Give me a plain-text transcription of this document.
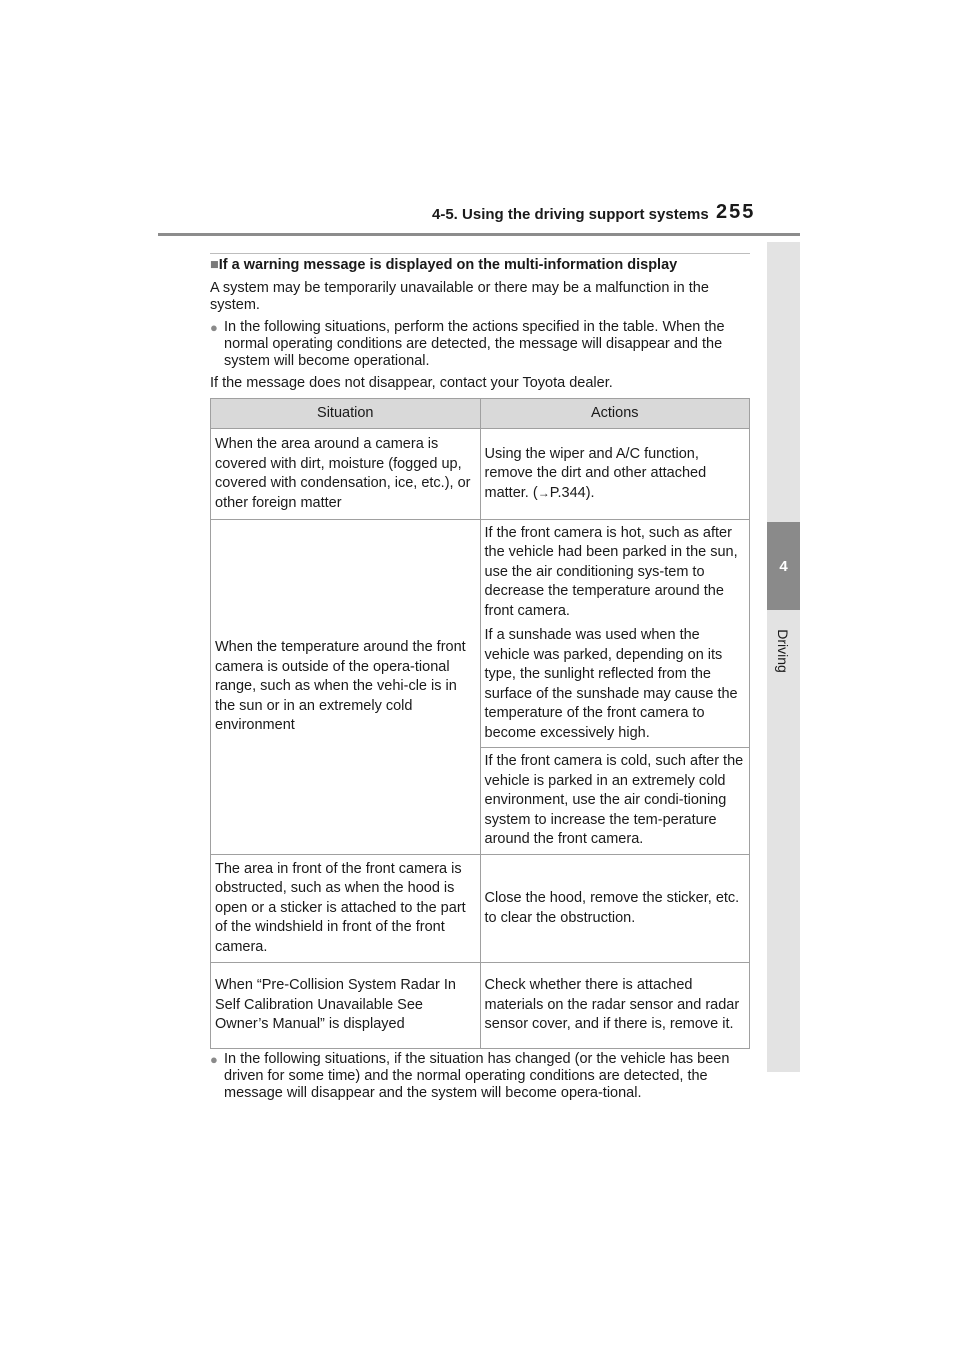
4-5. Using the driving support systems 255
4
Driving
■If a warning message is displayed on the multi-information display
A system may be temporarily unavailable or there may be a malfunction in the system.
● In the following situations, perform the actions specified in the table. When the normal operating conditions are detected, the message will disappear and the system will become operational.
If the message does not disappear, contact your Toyota dealer.
Situation	Actions
When the area around a camera is covered with dirt, moisture (fogged up, covered with condensation, ice, etc.), or other foreign matter	Using the wiper and A/C function, remove the dirt and other attached matter. (→P.344).
When the temperature around the front camera is outside of the opera-tional range, such as when the vehi-cle is in the sun or in an extremely cold environment	If the front camera is hot, such as after the vehicle had been parked in the sun, use the air conditioning sys-tem to decrease the temperature around the front camera.
If a sunshade was used when the vehicle was parked, depending on its type, the sunlight reflected from the surface of the sunshade may cause the temperature of the front camera to become excessively high.

	If the front camera is cold, such after the vehicle is parked in an extremely cold environment, use the air condi-tioning system to increase the tem-perature around the front camera.
The area in front of the front camera is obstructed, such as when the hood is open or a sticker is attached to the part of the windshield in front of the front camera.	Close the hood, remove the sticker, etc. to clear the obstruction.
When “Pre-Collision System Radar In Self Calibration Unavailable See Owner’s Manual” is displayed	Check whether there is attached materials on the radar sensor and radar sensor cover, and if there is, remove it.
● In the following situations, if the situation has changed (or the vehicle has been driven for some time) and the normal operating conditions are detected, the message will disappear and the system will become opera-tional.
